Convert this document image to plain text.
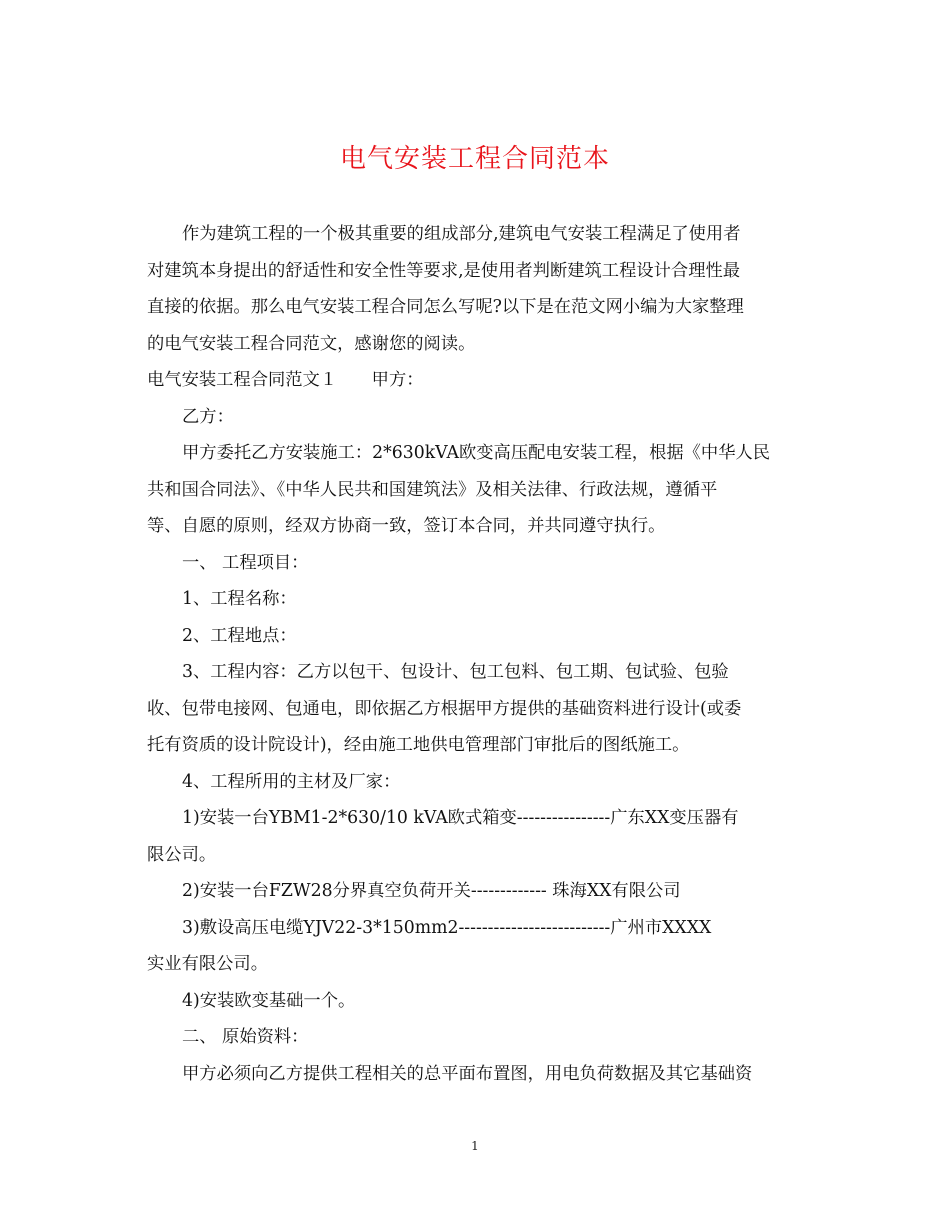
电气安装工程合同范本

作为建筑工程的一个极其重要的组成部分,建筑电气安装工程满足了使用者

对建筑本身提出的舒适性和安全性等要求,是使用者判断建筑工程设计合理性最

直接的依据。那么电气安装工程合同怎么写呢?以下是在范文网小编为大家整理

的电气安装工程合同范文，感谢您的阅读。

电气安装工程合同范文１　　甲方：

乙方：

甲方委托乙方安装施工：2*630kVA欧变高压配电安装工程，根据《中华人民

共和国合同法》、《中华人民共和国建筑法》及相关法律、行政法规，遵循平

等、自愿的原则，经双方协商一致，签订本合同，并共同遵守执行。

一、 工程项目：

1、工程名称：

2、工程地点：

3、工程内容：乙方以包干、包设计、包工包料、包工期、包试验、包验

收、包带电接网、包通电，即依据乙方根据甲方提供的基础资料进行设计(或委

托有资质的设计院设计)，经由施工地供电管理部门审批后的图纸施工。

4、工程所用的主材及厂家：

1)安装一台YBM1-2*630/10 kVA欧式箱变----------------广东XX变压器有

限公司。

2)安装一台FZW28分界真空负荷开关------------- 珠海XX有限公司

3)敷设高压电缆YJV22-3*150mm2--------------------------广州市XXXX

实业有限公司。

4)安装欧变基础一个。

二、 原始资料：

甲方必须向乙方提供工程相关的总平面布置图，用电负荷数据及其它基础资

1
